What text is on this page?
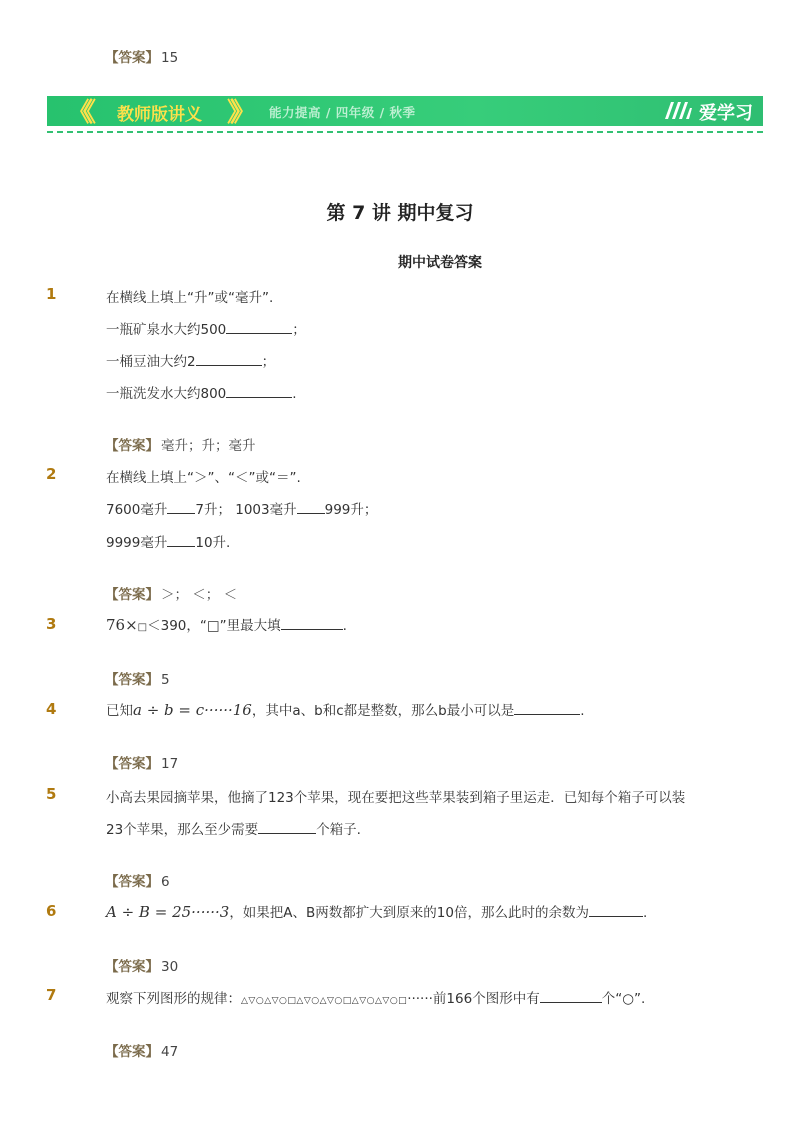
【答案】 15
《《 教师版讲义 》》 能力提高 / 四年级 / 秋季	爱学习
第 7 讲 期中复习
期中试卷答案
1	在横线上填上“升”或“毫升”.
一瓶矿泉水大约500	；
一桶豆油大约2	；
一瓶洗发水大约800	.
【答案】 毫升；升；毫升
2	在横线上填上“＞”、“＜”或“＝”.
7600毫升 7升； 1003毫升 999升；
9999毫升 10升.
【答案】 ＞； ＜； ＜
3	76×□＜390，“□”里最大填	.
【答案】 5
4	已知a ÷ b = c······16，其中a、b和c都是整数，那么b最小可以是	.
【答案】 17
5	小高去果园摘苹果，他摘了123个苹果，现在要把这些苹果装到箱子里运走．已知每个箱子可以装
23个苹果，那么至少需要	个箱子.
【答案】 6
6	A ÷ B = 25······3，如果把A、B两数都扩大到原来的10倍，那么此时的余数为	.
【答案】 30
7	观察下列图形的规律：△▽○△▽○□△▽○△▽○□△▽○△▽○□······前166个图形中有	个“○”.
【答案】 47
